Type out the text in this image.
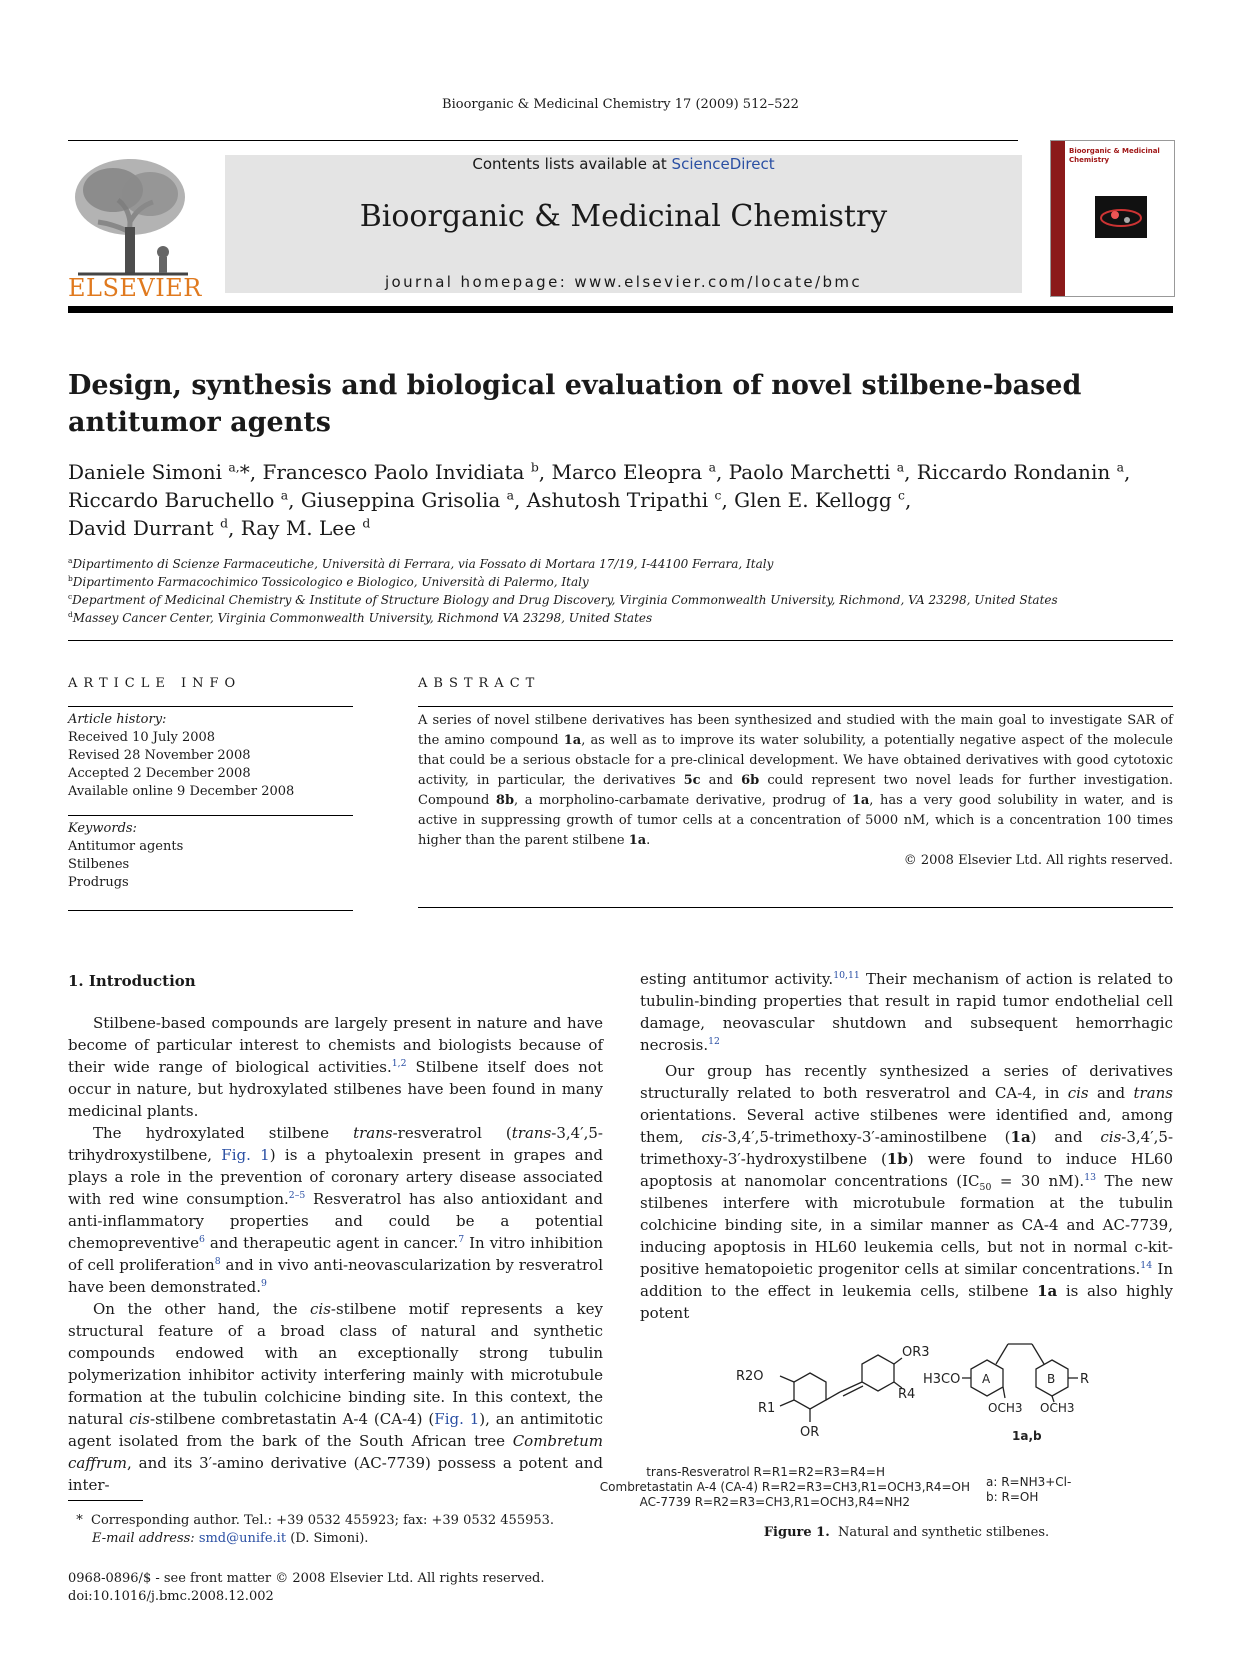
Bioorganic & Medicinal Chemistry 17 (2009) 512–522
ELSEVIER
Contents lists available at ScienceDirect
Bioorganic & Medicinal Chemistry
journal homepage: www.elsevier.com/locate/bmc
Bioorganic & Medicinal
Chemistry
Design, synthesis and biological evaluation of novel stilbene-based antitumor agents
Daniele Simoni $^{a,}$*, Francesco Paolo Invidiata $^b$, Marco Eleopra $^a$, Paolo Marchetti $^a$, Riccardo Rondanin $^a$,
Riccardo Baruchello $^a$, Giuseppina Grisolia $^a$, Ashutosh Tripathi $^c$, Glen E. Kellogg $^c$,
David Durrant $^d$, Ray M. Lee $^d$
$^a$Dipartimento di Scienze Farmaceutiche, Università di Ferrara, via Fossato di Mortara 17/19, I-44100 Ferrara, Italy
$^b$Dipartimento Farmacochimico Tossicologico e Biologico, Università di Palermo, Italy
$^c$Department of Medicinal Chemistry & Institute of Structure Biology and Drug Discovery, Virginia Commonwealth University, Richmond, VA 23298, United States
$^d$Massey Cancer Center, Virginia Commonwealth University, Richmond VA 23298, United States
ARTICLE INFO
Article history:
Received 10 July 2008
Revised 28 November 2008
Accepted 2 December 2008
Available online 9 December 2008
Keywords:
Antitumor agents
Stilbenes
Prodrugs
ABSTRACT

A series of novel stilbene derivatives has been synthesized and studied with the main goal to investigate SAR of the amino compound 1a, as well as to improve its water solubility, a potentially negative aspect of the molecule that could be a serious obstacle for a pre-clinical development. We have obtained derivatives with good cytotoxic activity, in particular, the derivatives 5c and 6b could represent two novel leads for further investigation. Compound 8b, a morpholino-carbamate derivative, prodrug of 1a, has a very good solubility in water, and is active in suppressing growth of tumor cells at a concentration of 5000 nM, which is a concentration 100 times higher than the parent stilbene 1a.

© 2008 Elsevier Ltd. All rights reserved.
1. Introduction

Stilbene-based compounds are largely present in nature and have become of particular interest to chemists and biologists because of their wide range of biological activities.$^{1,2}$ Stilbene itself does not occur in nature, but hydroxylated stilbenes have been found in many medicinal plants.

The hydroxylated stilbene trans-resveratrol (trans-3,4′,5-trihydroxystilbene, Fig. 1) is a phytoalexin present in grapes and plays a role in the prevention of coronary artery disease associated with red wine consumption.$^{2-5}$ Resveratrol has also antioxidant and anti-inflammatory properties and could be a potential chemopreventive$^6$ and therapeutic agent in cancer.$^7$ In vitro inhibition of cell proliferation$^8$ and in vivo anti-neovascularization by resveratrol have been demonstrated.$^9$

On the other hand, the cis-stilbene motif represents a key structural feature of a broad class of natural and synthetic compounds endowed with an exceptionally strong tubulin polymerization inhibitor activity interfering mainly with microtubule formation at the tubulin colchicine binding site. In this context, the natural cis-stilbene combretastatin A-4 (CA-4) (Fig. 1), an antimitotic agent isolated from the bark of the South African tree Combretum caffrum, and its 3′-amino derivative (AC-7739) possess a potent and inter-

esting antitumor activity.$^{10,11}$ Their mechanism of action is related to tubulin-binding properties that result in rapid tumor endothelial cell damage, neovascular shutdown and subsequent hemorrhagic necrosis.$^{12}$

Our group has recently synthesized a series of derivatives structurally related to both resveratrol and CA-4, in cis and trans orientations. Several active stilbenes were identified and, among them, cis-3,4′,5-trimethoxy-3′-aminostilbene (1a) and cis-3,4′,5-trimethoxy-3′-hydroxystilbene (1b) were found to induce HL60 apoptosis at nanomolar concentrations ($IC_{50} = 30$ nM).$^{13}$ The new stilbenes interfere with microtubule formation at the tubulin colchicine binding site, in a similar manner as CA-4 and AC-7739, inducing apoptosis in HL60 leukemia cells, but not in normal c-kit-positive hematopoietic progenitor cells at similar concentrations.$^{14}$ In addition to the effect in leukemia cells, stilbene 1a is also highly potent

OR3
R2O
R4
R1
OR
H3CO A	B R
OCH3 OCH3
1a,b
trans-Resveratrol R=R1=R2=R3=R4=H
Combretastatin A-4 (CA-4) R=R2=R3=CH3,R1=OCH3,R4=OH
AC-7739 R=R2=R3=CH3,R1=OCH3,R4=NH2
a: R=NH3+Cl-
b: R=OH
Figure 1. Natural and synthetic stilbenes.
*  Corresponding author. Tel.: +39 0532 455923; fax: +39 0532 455953.
E-mail address: smd@unife.it (D. Simoni).
0968-0896/$ - see front matter © 2008 Elsevier Ltd. All rights reserved.
doi:10.1016/j.bmc.2008.12.002
